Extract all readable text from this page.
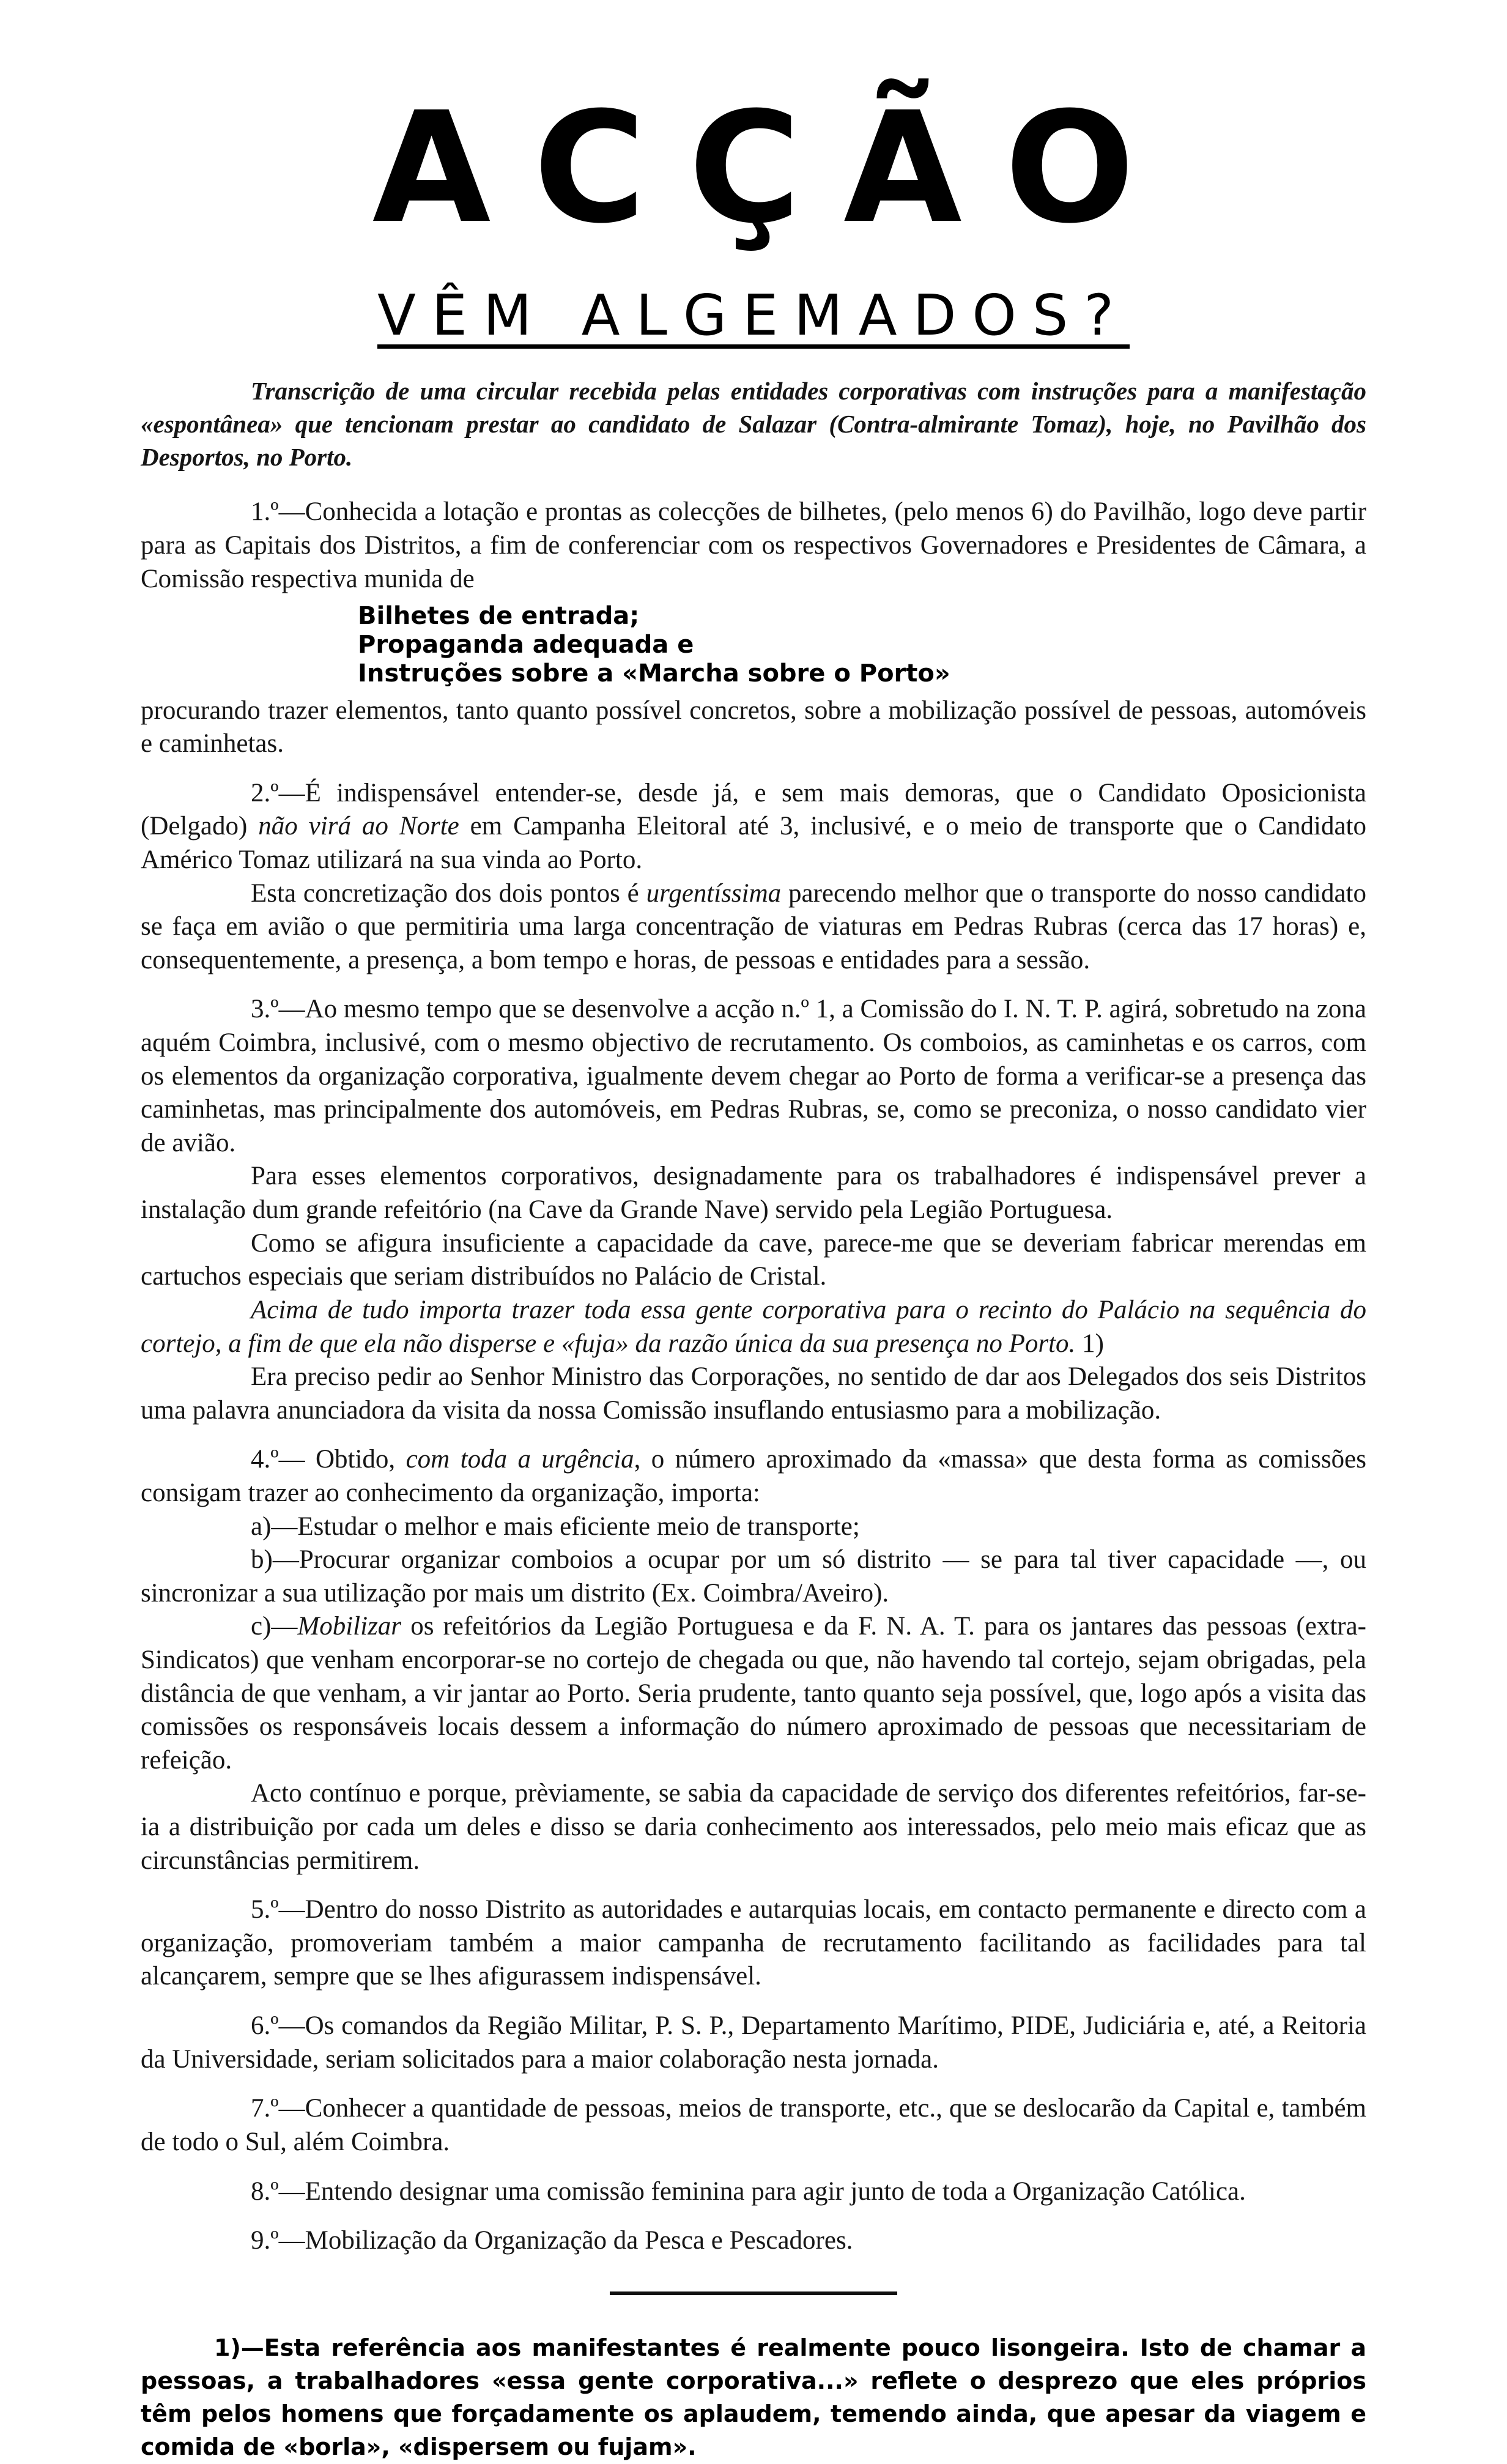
ACÇÃO
VÊM ALGEMADOS?

Transcrição de uma circular recebida pelas entidades corporativas com instruções para a manifestação «espontânea» que tencionam prestar ao candidato de Salazar (Contra-almirante Tomaz), hoje, no Pavilhão dos Desportos, no Porto.

1.º—Conhecida a lotação e prontas as colecções de bilhetes, (pelo menos 6) do Pavilhão, logo deve partir para as Capitais dos Distritos, a fim de conferenciar com os respectivos Governadores e Presidentes de Câmara, a Comissão respectiva munida de

Bilhetes de entrada;
Propaganda adequada e
Instruções sobre a «Marcha sobre o Porto»

procurando trazer elementos, tanto quanto possível concretos, sobre a mobilização possível de pessoas, automóveis e caminhetas.

2.º—É indispensável entender-se, desde já, e sem mais demoras, que o Candidato Oposicionista (Delgado) não virá ao Norte em Campanha Eleitoral até 3, inclusivé, e o meio de transporte que o Candidato Américo Tomaz utilizará na sua vinda ao Porto.

Esta concretização dos dois pontos é urgentíssima parecendo melhor que o transporte do nosso candidato se faça em avião o que permitiria uma larga concentração de viaturas em Pedras Rubras (cerca das 17 horas) e, consequentemente, a presença, a bom tempo e horas, de pessoas e entidades para a sessão.

3.º—Ao mesmo tempo que se desenvolve a acção n.º 1, a Comissão do I. N. T. P. agirá, sobretudo na zona aquém Coimbra, inclusivé, com o mesmo objectivo de recrutamento. Os comboios, as caminhetas e os carros, com os elementos da organização corporativa, igualmente devem chegar ao Porto de forma a verificar-se a presença das caminhetas, mas principalmente dos automóveis, em Pedras Rubras, se, como se preconiza, o nosso candidato vier de avião.

Para esses elementos corporativos, designadamente para os trabalhadores é indispensável prever a instalação dum grande refeitório (na Cave da Grande Nave) servido pela Legião Portuguesa.

Como se afigura insuficiente a capacidade da cave, parece-me que se deveriam fabricar merendas em cartuchos especiais que seriam distribuídos no Palácio de Cristal.

Acima de tudo importa trazer toda essa gente corporativa para o recinto do Palácio na sequência do cortejo, a fim de que ela não disperse e «fuja» da razão única da sua presença no Porto. 1)

Era preciso pedir ao Senhor Ministro das Corporações, no sentido de dar aos Delegados dos seis Distritos uma palavra anunciadora da visita da nossa Comissão insuflando entusiasmo para a mobilização.

4.º— Obtido, com toda a urgência, o número aproximado da «massa» que desta forma as comissões consigam trazer ao conhecimento da organização, importa:

a)—Estudar o melhor e mais eficiente meio de transporte;

b)—Procurar organizar comboios a ocupar por um só distrito — se para tal tiver capacidade —, ou sincronizar a sua utilização por mais um distrito (Ex. Coimbra/Aveiro).

c)—Mobilizar os refeitórios da Legião Portuguesa e da F. N. A. T. para os jantares das pessoas (extra-Sindicatos) que venham encorporar-se no cortejo de chegada ou que, não havendo tal cortejo, sejam obrigadas, pela distância de que venham, a vir jantar ao Porto. Seria prudente, tanto quanto seja possível, que, logo após a visita das comissões os responsáveis locais dessem a informação do número aproximado de pessoas que necessitariam de refeição.

Acto contínuo e porque, prèviamente, se sabia da capacidade de serviço dos diferentes refeitórios, far-se-ia a distribuição por cada um deles e disso se daria conhecimento aos interessados, pelo meio mais eficaz que as circunstâncias permitirem.

5.º—Dentro do nosso Distrito as autoridades e autarquias locais, em contacto permanente e directo com a organização, promoveriam também a maior campanha de recrutamento facilitando as facilidades para tal alcançarem, sempre que se lhes afigurassem indispensável.

6.º—Os comandos da Região Militar, P. S. P., Departamento Marítimo, PIDE, Judiciária e, até, a Reitoria da Universidade, seriam solicitados para a maior colaboração nesta jornada.

7.º—Conhecer a quantidade de pessoas, meios de transporte, etc., que se deslocarão da Capital e, também de todo o Sul, além Coimbra.

8.º—Entendo designar uma comissão feminina para agir junto de toda a Organização Católica.

9.º—Mobilização da Organização da Pesca e Pescadores.

1)—Esta referência aos manifestantes é realmente pouco lisongeira. Isto de chamar a pessoas, a trabalhadores «essa gente corporativa...» reflete o desprezo que eles próprios têm pelos homens que forçadamente os aplaudem, temendo ainda, que apesar da viagem e comida de «borla», «dispersem ou fujam».
